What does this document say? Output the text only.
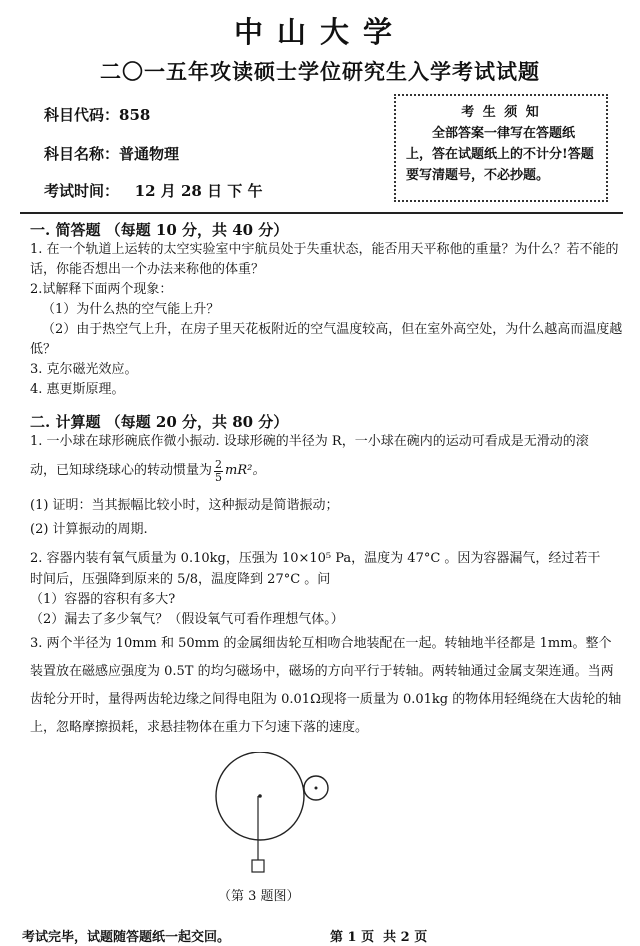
中山大学
二〇一五年攻读硕士学位研究生入学考试试题
科目代码：858
科目名称：普通物理
考试时间：   12 月 28 日 下 午
考 生 须 知
全部答案一律写在答题纸上，答在试题纸上的不计分!答题要写清题号，不必抄题。
一. 简答题 （每题 10 分，共 40 分）
1. 在一个轨道上运转的太空实验室中宇航员处于失重状态，能否用天平称他的重量？为什么？若不能的话，你能否想出一个办法来称他的体重？
2.试解释下面两个现象：
（1）为什么热的空气能上升？
（2）由于热空气上升，在房子里天花板附近的空气温度较高，但在室外高空处，为什么越高而温度越低？
3. 克尔磁光效应。
4. 惠更斯原理。
二. 计算题 （每题 20 分，共 80 分）
1. 一小球在球形碗底作微小振动. 设球形碗的半径为 R，一小球在碗内的运动可看成是无滑动的滚
动，已知球绕球心的转动惯量为 $\frac{2}{5} mR^2$。
(1) 证明：当其振幅比较小时，这种振动是简谐振动；
(2) 计算振动的周期.
2. 容器内装有氧气质量为 0.10kg，压强为 10×10⁵ Pa，温度为 47°C 。因为容器漏气，经过若干
时间后，压强降到原来的 5/8，温度降到 27°C 。问
（1）容器的容积有多大?
（2）漏去了多少氧气？（假设氧气可看作理想气体。）
3. 两个半径为 10mm 和 50mm 的金属细齿轮互相吻合地装配在一起。转轴地半径都是 1mm。整个装置放在磁感应强度为 0.5T 的均匀磁场中，磁场的方向平行于转轴。两转轴通过金属支架连通。当两齿轮分开时，量得两齿轮边缘之间得电阻为 0.01Ω现将一质量为 0.01kg 的物体用轻绳绕在大齿轮的轴上，忽略摩擦损耗，求悬挂物体在重力下匀速下落的速度。
（第 3 题图）
考试完毕，试题随答题纸一起交回。	第 1 页  共 2 页
